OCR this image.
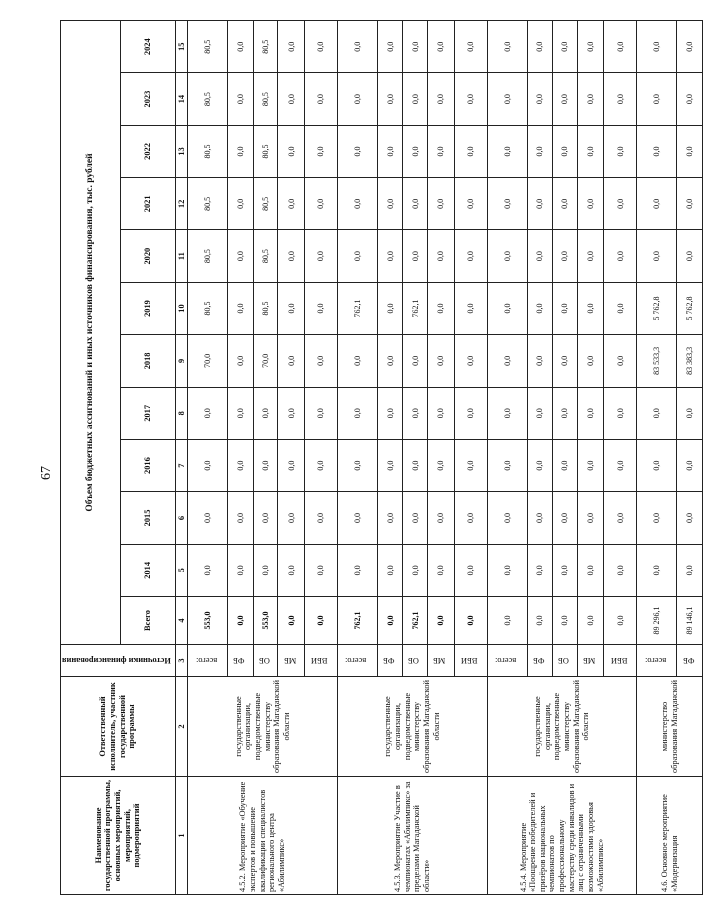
67
Наименование государственной программы, основных мероприятий, мероприятий, подмероприятий	Ответственный исполнитель, участник государственной программы	Источники финансирования	Объем бюджетных ассигнований и иных источников финансирования, тыс. рублей											
			Всего	2014	2015	2016	2017	2018	2019	2020	2021	2022	2023	2024
1	2	3	4	5	6	7	8	9	10	11	12	13	14	15
4.5.2. Мероприятие «Обучение экспертов и повышение квалификации специалистов регионального центра «Абилимпикс»	государственные организации, подведомственные министерству образования Магаданской области	всего:	553,0	0,0	0,0	0,0	0,0	70,0	80,5	80,5	80,5	80,5	80,5	80,5
		ФБ	0,0	0,0	0,0	0,0	0,0	0,0	0,0	0,0	0,0	0,0	0,0	0,0
		ОБ	553,0	0,0	0,0	0,0	0,0	70,0	80,5	80,5	80,5	80,5	80,5	80,5
		МБ	0,0	0,0	0,0	0,0	0,0	0,0	0,0	0,0	0,0	0,0	0,0	0,0
		ВБИ	0,0	0,0	0,0	0,0	0,0	0,0	0,0	0,0	0,0	0,0	0,0	0,0
4.5.3. Мероприятие Участие в чемпионатах «Абилимпикс» за пределами Магаданской области»	государственные организации, подведомственные министерству образования Магаданской области	всего:	762,1	0,0	0,0	0,0	0,0	0,0	762,1	0,0	0,0	0,0	0,0	0,0
		ФБ	0,0	0,0	0,0	0,0	0,0	0,0	0,0	0,0	0,0	0,0	0,0	0,0
		ОБ	762,1	0,0	0,0	0,0	0,0	0,0	762,1	0,0	0,0	0,0	0,0	0,0
		МБ	0,0	0,0	0,0	0,0	0,0	0,0	0,0	0,0	0,0	0,0	0,0	0,0
		ВБИ	0,0	0,0	0,0	0,0	0,0	0,0	0,0	0,0	0,0	0,0	0,0	0,0
4.5.4. Мероприятие «Поощрение победителей и призёров национальных чемпионатов по профессиональному мастерству среди инвалидов и лиц с ограниченными возможностями здоровья «Абилимпикс»	государственные организации, подведомственные министерству образования Магаданской области	всего:	0,0	0,0	0,0	0,0	0,0	0,0	0,0	0,0	0,0	0,0	0,0	0,0
		ФБ	0,0	0,0	0,0	0,0	0,0	0,0	0,0	0,0	0,0	0,0	0,0	0,0
		ОБ	0,0	0,0	0,0	0,0	0,0	0,0	0,0	0,0	0,0	0,0	0,0	0,0
		МБ	0,0	0,0	0,0	0,0	0,0	0,0	0,0	0,0	0,0	0,0	0,0	0,0
		ВБИ	0,0	0,0	0,0	0,0	0,0	0,0	0,0	0,0	0,0	0,0	0,0	0,0
4.6. Основное мероприятие «Модернизация	министерство образования Магаданской	всего:	89 296,1	0,0	0,0	0,0	0,0	83 533,3	5 762,8	0,0	0,0	0,0	0,0	0,0
		ФБ	89 146,1	0,0	0,0	0,0	0,0	83 383,3	5 762,8	0,0	0,0	0,0	0,0	0,0
